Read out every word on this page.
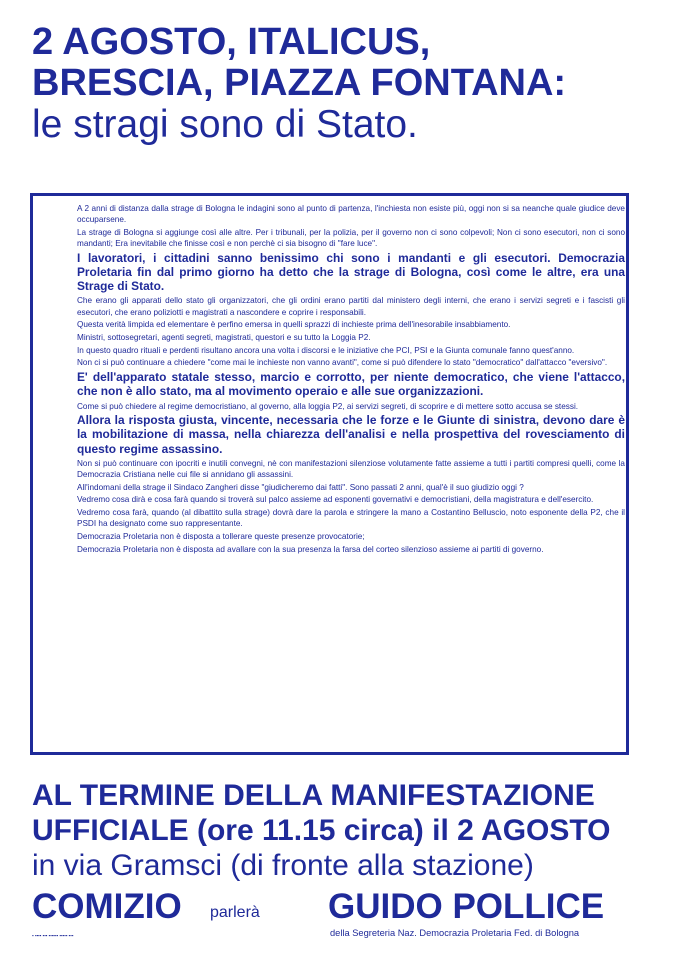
2 AGOSTO, ITALICUS,
BRESCIA, PIAZZA FONTANA:
le stragi sono di Stato.

A 2 anni di distanza dalla strage di Bologna le indagini sono al punto di partenza, l'inchiesta non esiste più, oggi non si sa neanche quale giudice deve occuparsene.

La strage di Bologna si aggiunge così alle altre. Per i tribunali, per la polizia, per il governo non ci sono colpevoli; Non ci sono esecutori, non ci sono mandanti; Era inevitabile che finisse così e non perchè ci sia bisogno di "fare luce".

I lavoratori, i cittadini sanno benissimo chi sono i mandanti e gli esecutori. Democrazia Proletaria fin dal primo giorno ha detto che la strage di Bologna, così come le altre, era una Strage di Stato.

Che erano gli apparati dello stato gli organizzatori, che gli ordini erano partiti dal ministero degli interni, che erano i servizi segreti e i fascisti gli esecutori, che erano poliziotti e magistrati a nascondere e coprire i responsabili.

Questa verità limpida ed elementare è perfino emersa in quelli sprazzi di inchieste prima dell'inesorabile insabbiamento.

Ministri, sottosegretari, agenti segreti, magistrati, questori e su tutto la Loggia P2.

In questo quadro rituali e perdenti risultano ancora una volta i discorsi e le iniziative che PCI, PSI e la Giunta comunale fanno quest'anno.

Non ci si può continuare a chiedere "come mai le inchieste non vanno avanti", come si può difendere lo stato "democratico" dall'attacco "eversivo".

E' dell'apparato statale stesso, marcio e corrotto, per niente democratico, che viene l'attacco, che non è allo stato, ma al movimento operaio e alle sue organizzazioni.

Come si può chiedere al regime democristiano, al governo, alla loggia P2, ai servizi segreti, di scoprire e di mettere sotto accusa se stessi.

Allora la risposta giusta, vincente, necessaria che le forze e le Giunte di sinistra, devono dare è la mobilitazione di massa, nella chiarezza dell'analisi e nella prospettiva del rovesciamento di questo regime assassino.

Non si può continuare con ipocriti e inutili convegni, nè con manifestazioni silenziose volutamente fatte assieme a tutti i partiti compresi quelli, come la Democrazia Cristiana nelle cui file si annidano gli assassini.

All'indomani della strage il Sindaco Zangheri disse "giudicheremo dai fatti". Sono passati 2 anni, qual'è il suo giudizio oggi ?

Vedremo cosa dirà e cosa farà quando si troverà sul palco assieme ad esponenti governativi e democristiani, della magistratura e dell'esercito.

Vedremo cosa farà, quando (al dibattito sulla strage) dovrà dare la parola e stringere la mano a Costantino Belluscio, noto esponente della P2, che il PSDI ha designato come suo rappresentante.

Democrazia Proletaria non è disposta a tollerare queste presenze provocatorie;

Democrazia Proletaria non è disposta ad avallare con la sua presenza la farsa del corteo silenzioso assieme ai partiti di governo.

AL TERMINE DELLA MANIFESTAZIONE
UFFICIALE (ore 11.15 circa) il 2 AGOSTO
in via Gramsci (di fronte alla stazione)
COMIZIO parlerà GUIDO POLLICE
della Segreteria Naz. Democrazia Proletaria Fed. di Bologna
▪ ▪▪▪▪ ▪▪▪ ▪▪▪▪▪▪ ▪▪▪▪▪ ▪▪▪
